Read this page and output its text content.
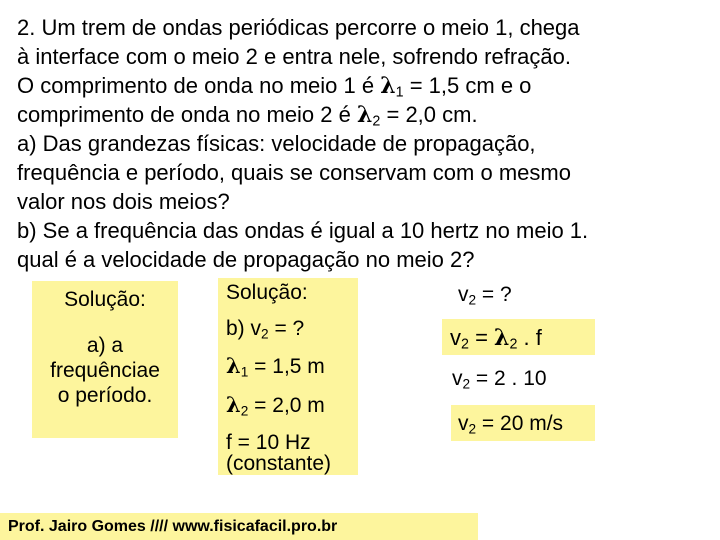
2. Um trem de ondas periódicas percorre o meio 1, chega
à interface com o meio 2 e entra nele, sofrendo refração.
O comprimento de onda no meio 1 é $\lambda_1 = 1,5$ cm e o
comprimento de onda no meio 2 é $\lambda_2 = 2,0$ cm.
a) Das grandezas físicas: velocidade de propagação,
frequência e período, quais se conservam com o mesmo
valor nos dois meios?
b) Se a frequência das ondas é igual a 10 hertz no meio 1.
qual é a velocidade de propagação no meio 2?
Solução:
a) a
frequênciae
o período.
Solução:
b) $v_2$ = ?
$\lambda_1 = 1,5$ m
$\lambda_2 = 2,0$ m
f = 10 Hz
(constante)
$v_2$ = ?
$v_2 = \lambda_2$ . f
$v_2 = 2$ . 10
$v_2 = 20$ m/s
Prof. Jairo Gomes //// www.fisicafacil.pro.br
